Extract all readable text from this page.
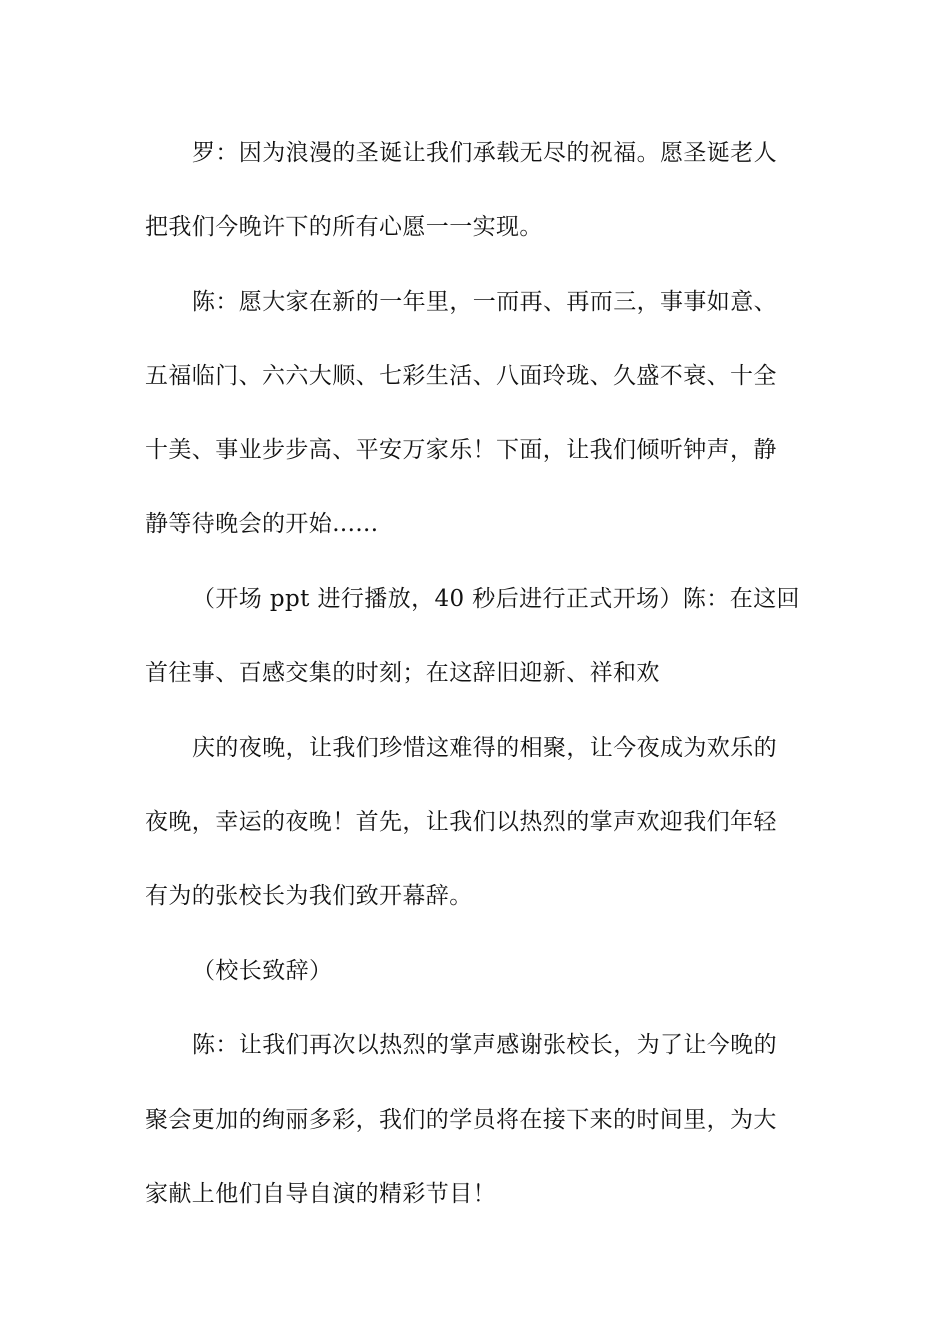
罗：因为浪漫的圣诞让我们承载无尽的祝福。愿圣诞老人
把我们今晚许下的所有心愿一一实现。
陈：愿大家在新的一年里，一而再、再而三，事事如意、
五福临门、六六大顺、七彩生活、八面玲珑、久盛不衰、十全
十美、事业步步高、平安万家乐！下面，让我们倾听钟声，静
静等待晚会的开始......
（开场 ppt 进行播放，40 秒后进行正式开场）陈：在这回
首往事、百感交集的时刻；在这辞旧迎新、祥和欢
庆的夜晚，让我们珍惜这难得的相聚，让今夜成为欢乐的
夜晚，幸运的夜晚！首先，让我们以热烈的掌声欢迎我们年轻
有为的张校长为我们致开幕辞。
（校长致辞）
陈：让我们再次以热烈的掌声感谢张校长，为了让今晚的
聚会更加的绚丽多彩，我们的学员将在接下来的时间里，为大
家献上他们自导自演的精彩节目！
